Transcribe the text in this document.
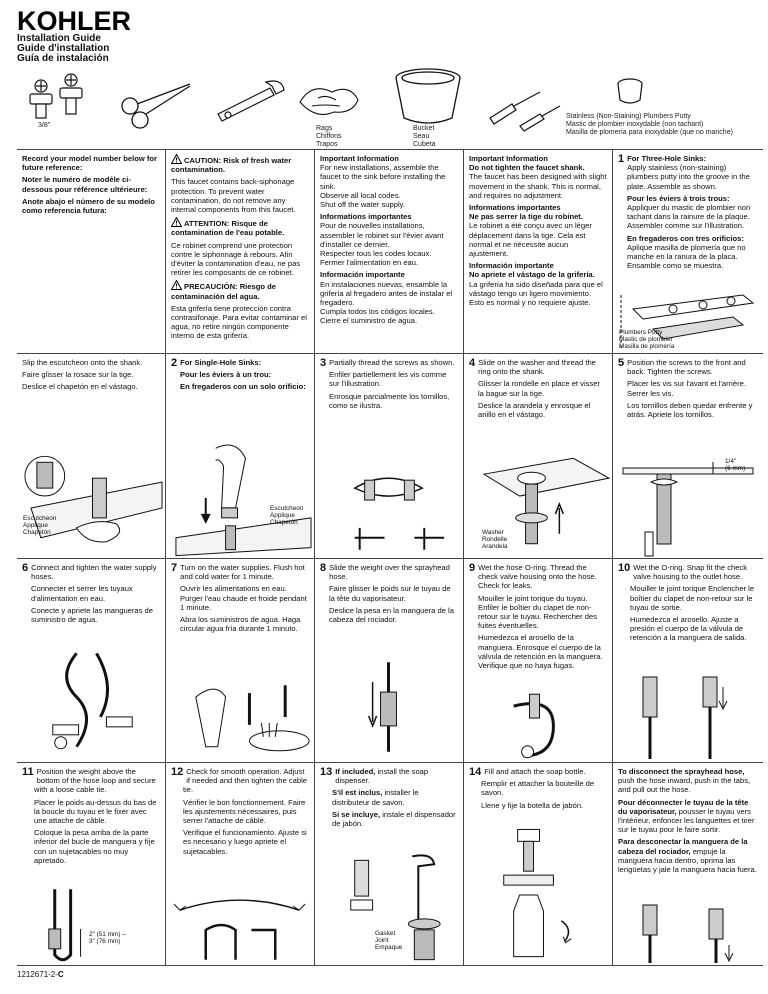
KOHLER
Installation Guide
Guide d'installation
Guía de instalación
3/8"	Rags
Chiffons
Trapos
Bucket
Seau
Cubeta
Stainless (Non-Staining) Plumbers Putty
Mastic de plombier inoxydable (non tachant)
Masilla de plomería para inoxydable (que no manche)

Record your model number below for future reference:

Noter le numéro de modèle ci-dessous pour référence ultérieure:

Anote abajo el número de su modelo como referencia futura:

CAUTION: Risk of fresh water contamination.

This faucet contains back-siphonage protection. To prevent water contamination, do not remove any internal components from this faucet.

ATTENTION: Risque de contamination de l'eau potable.

Ce robinet comprend une protection contre le siphonnage à rebours. Afin d'éviter la contamination d'eau, ne pas retirer les composants de ce robinet.

PRECAUCIÓN: Riesgo de contaminación del agua.

Esta grifería tiene protección contra contrasifonaje. Para evitar contaminar el agua, no retire ningún componente interno de esta grifería.

Important Information
For new installations, assemble the faucet to the sink before installing the sink.
Observe all local codes.

Shut off the water supply.

Informations importantes
Pour de nouvelles installations, assembler le robinet sur l'évier avant d'installer ce dernier.
Respecter tous les codes locaux.

Fermer l'alimentation en eau.

Información importante
En instalaciones nuevas, ensamble la grifería al fregadero antes de instalar el fregadero.
Cumpla todos los códigos locales.
Cierre el suministro de agua.
Important Information
Do not tighten the faucet shank.

The faucet has been designed with slight movement in the shank. This is normal, and requires no adjustment.

Informations importantes
Ne pas serrer la tige du robinet.

Le robinet a été conçu avec un léger déplacement dans la tige. Cela est normal et ne nécessite aucun ajustement.

Información importante
No apriete el vástago de la grifería.
La grifería ha sido diseñada para que el vástago tengo un ligero movimiento. Esto es normal y no requiere ajuste.
1 For Three-Hole Sinks:

Apply stainless (non-staining) plumbers putty into the groove in the plate. Assemble as shown.

Pour les éviers à trois trous:

Appliquer du mastic de plombier non tachant dans la rainure de la plaque. Assembler comme sur l'illustration.

En fregaderos con tres orificios:
Aplique masilla de plomería que no manche en la ranura de la placa. Ensamble como se muestra.
Plumbers Putty
Mastic de plombier
Masilla de plomería

Slip the escutcheon onto the shank.

Faire glisser la rosace sur la tige.

Deslice el chapetón en el vástago.

Escutcheon
Applique
Chapetón
2 For Single-Hole Sinks:

Pour les éviers à un trou:

En fregaderos con un solo orificio:

Escutcheon
Applique
Chapetón
3 Partially thread the screws as shown.

Enfiler partiellement les vis comme sur l'illustration.

Enrosque parcialmente los tornillos, como se ilustra.

4 Slide on the washer and thread the ring onto the shank.

Glisser la rondelle en place et visser la bague sur la tige.

Deslice la arandela y enrosque el anillo en el vástago.

Washer
Rondelle
Arandela
5 Position the screws to the front and back. Tighten the screws.

Placer les vis sur l'avant et l'arrière. Serrer les vis.

Los tornillos deben quedar enfrente y atrás. Apriete los tornillos.

1/4"
(6 mm)
6 Connect and tighten the water supply hoses.

Connecter et serrer les tuyaux d'alimentation en eau.

Conecte y apriete las mangueras de suministro de agua.

7 Turn on the water supplies. Flush hot and cold water for 1 minute.

Ouvrir les alimentations en eau. Purger l'eau chaude et froide pendant 1 minute.

Abra los suministros de agua. Haga circular agua fría durante 1 minuto.

8 Slide the weight over the sprayhead hose.

Faire glisser le poids sur le tuyau de la tête du vaporisateur.

Deslice la pesa en la manguera de la cabeza del rociador.

9 Wet the hose O-ring. Thread the check valve housing onto the hose. Check for leaks.

Mouiller le joint torique du tuyau. Enfiler le boîtier du clapet de non-retour sur le tuyau. Rechercher des fuites éventuelles.

Humedezca el arosello de la manguera. Enrosque el cuerpo de la válvula de retención en la manguera. Verifique que no haya fugas.

10 Wet the O-ring. Snap fit the check valve housing to the outlet hose.

Mouiller le joint torique Enclencher le boîtier du clapet de non-retour sur le tuyau de sortie.

Humedezca el arosello. Ajuste a presión el cuerpo de la válvula de retención a la manguera de salida.

11 Position the weight above the bottom of the hose loop and secure with a loose cable tie.

Placer le poids au-dessus du bas de la boucle du tuyau et le fixer avec une attache de câble.

Coloque la pesa arriba de la parte inferior del bucle de manguera y fíje con un sujetacables no muy apretado.

2" (51 mm) –
3" (76 mm)
12 Check for smooth operation. Adjust if needed and then tighten the cable tie.

Vérifier le bon fonctionnement. Faire les ajustements nécessaires, puis serrer l'attache de câble.

Verifique el funcionamiento. Ajuste si es necesario y luego apriete el sujetacables.

13 If included, install the soap dispenser.

S'il est inclus, installer le distributeur de savon.

Si se incluye, instale el dispensador de jabón.

Gasket
Joint
Empaque
14 Fill and attach the soap bottle.

Remplir et attacher la bouteille de savon.

Llene y fije la botella de jabón.

To disconnect the sprayhead hose, push the hose inward, push in the tabs, and pull out the hose.

Pour déconnecter le tuyau de la tête du vaporisateur, pousser le tuyau vers l'intérieur, enfoncer les languettes et tirer sur le tuyau pour le faire sortir.

Para desconectar la manguera de la cabeza del rociador, empuje la manguera hacia dentro, oprima las lengüetas y jale la manguera hacia fuera.

1212671-2-C
